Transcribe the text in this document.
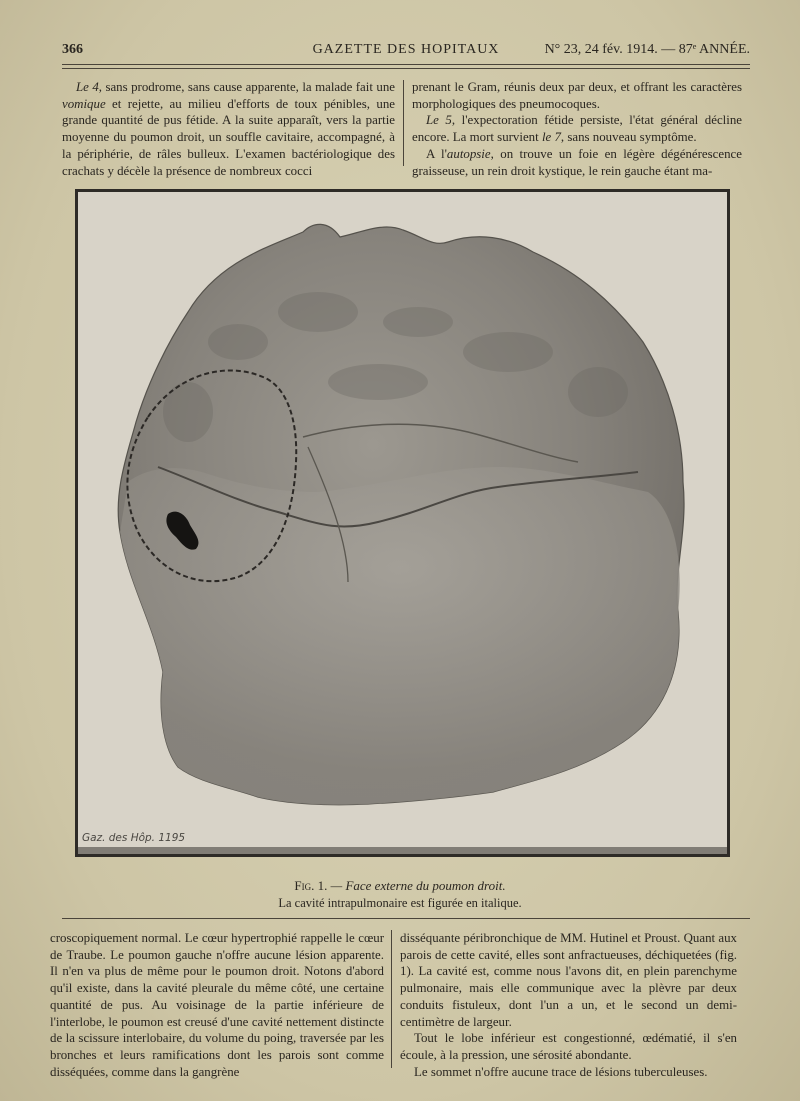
366	GAZETTE DES HOPITAUX	N° 23, 24 fév. 1914. — 87ᵉ ANNÉE.

Le 4, sans prodrome, sans cause apparente, la malade fait une vomique et rejette, au milieu d'efforts de toux pénibles, une grande quantité de pus fétide. A la suite apparaît, vers la partie moyenne du poumon droit, un souffle cavitaire, accompagné, à la périphérie, de râles bulleux. L'examen bactériologique des crachats y décèle la présence de nombreux cocci

prenant le Gram, réunis deux par deux, et offrant les caractères morphologiques des pneumocoques.

Le 5, l'expectoration fétide persiste, l'état général décline encore. La mort survient le 7, sans nouveau symptôme.

A l'autopsie, on trouve un foie en légère dégénérescence graisseuse, un rein droit kystique, le rein gauche étant ma-

Gaz. des Hôp. 1195
Fig. 1. — Face externe du poumon droit.
La cavité intrapulmonaire est figurée en italique.

croscopiquement normal. Le cœur hypertrophié rappelle le cœur de Traube. Le poumon gauche n'offre aucune lésion apparente. Il n'en va plus de même pour le poumon droit. Notons d'abord qu'il existe, dans la cavité pleurale du même côté, une certaine quantité de pus. Au voisinage de la partie inférieure de l'interlobe, le poumon est creusé d'une cavité nettement distincte de la scissure interlobaire, du volume du poing, traversée par les bronches et leurs ramifications dont les parois sont comme disséquées, comme dans la gangrène

disséquante péribronchique de MM. Hutinel et Proust. Quant aux parois de cette cavité, elles sont anfractueuses, déchiquetées (fig. 1). La cavité est, comme nous l'avons dit, en plein parenchyme pulmonaire, mais elle communique avec la plèvre par deux conduits fistuleux, dont l'un a un, et le second un demi-centimètre de largeur.

Tout le lobe inférieur est congestionné, œdématié, il s'en écoule, à la pression, une sérosité abondante.

Le sommet n'offre aucune trace de lésions tuberculeuses.
